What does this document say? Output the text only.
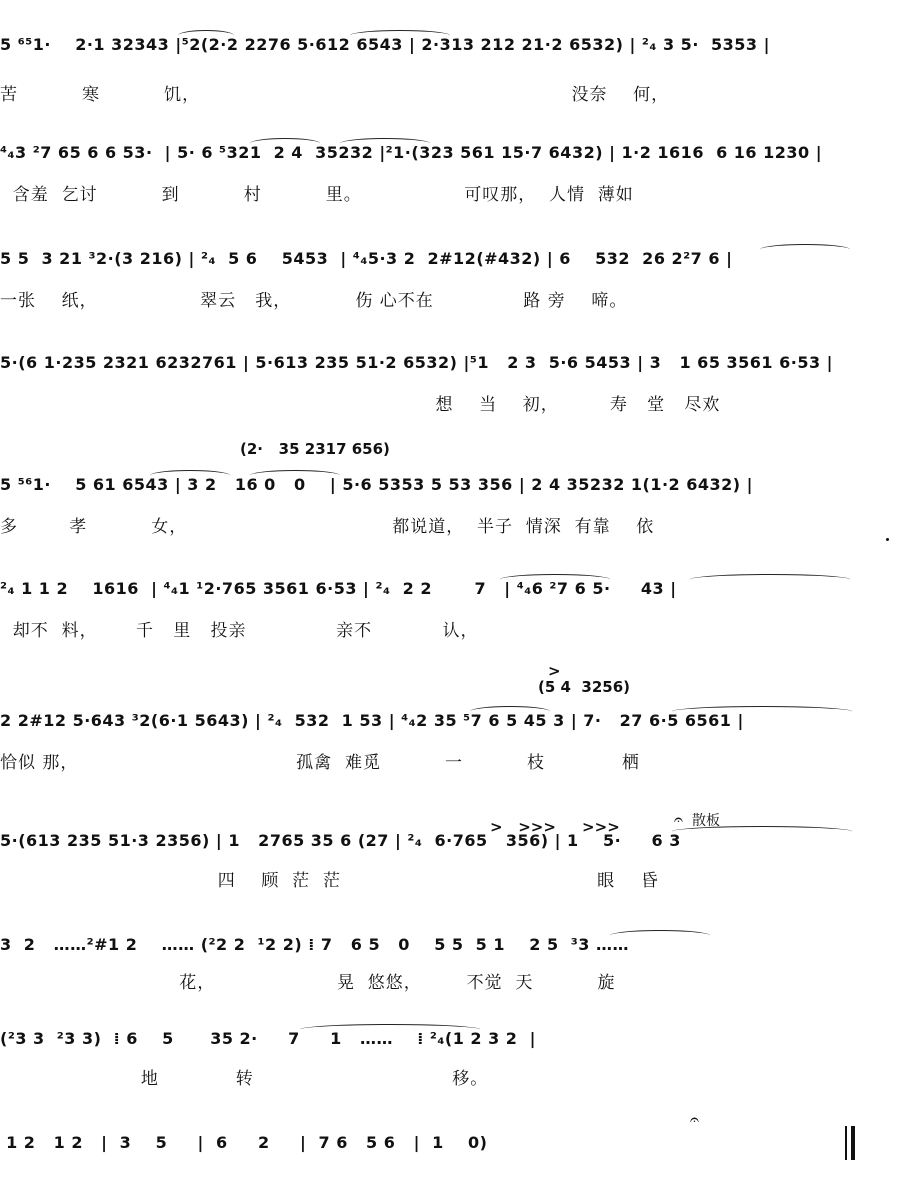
5 ⁶⁵1·    2·1 32343 |⁵2(2·2 2276 5·612 6543 | 2·313 212 21·2 6532) | ²₄ 3 5·  5353 |
苦          寒          饥，                                                          没奈    何，
⁴₄3 ²7 65 6 6 53·  | 5· 6 ⁵321  2 4  35232 |²1·(323 561 15·7 6432) | 1·2 1616  6 16 1230 |
含羞  乞讨          到          村          里。                可叹那，  人情  薄如
5 5  3 21 ³2·(3 216) | ²₄  5 6    5453  | ⁴₄5·3 2  2#12(#432) | 6    532  26 2²7 6 |
一张    纸，                翠云   我，          伤 心不在              路 旁    啼。
5·(6 1·235 2321 6232761 | 5·613 235 51·2 6532) |⁵1   2 3  5·6 5453 | 3   1 65 3561 6·53 |
想    当    初，        寿   堂   尽欢
(2·   35 2317 656)
5 ⁵⁶1·    5 61 6543 | 3 2   16 0   0    | 5·6 5353 5 53 356 | 2 4 35232 1(1·2 6432) |
多        孝          女，                                都说道，  半子  情深  有靠    依
²₄ 1 1 2    1616  | ⁴₄1 ¹2·765 3561 6·53 | ²₄  2 2       7   | ⁴₄6 ²7 6 5·     43 |
却不  料，      千   里   投亲              亲不           认，
(5 4  3256)
>
2 2#12 5·643 ³2(6·1 5643) | ²₄  532  1 53 | ⁴₄2 35 ⁵7 6 5 45 3 | 7·   27 6·5 6561 |
恰似 那，                                  孤禽  难觅          一          枝            栖
>   >>>     >>>	散板
𝄐
5·(613 235 51·3 2356) | 1   2765 35 6 (27 | ²₄  6·765   356) | 1    5·     6 3
四    顾  茫  茫                                        眼    昏
3  2   ……²#1 2    …… (²2 2  ¹2 2) ⁞ 7   6 5   0    5 5  5 1    2 5  ³3 ……
花，                   晃  悠悠，       不觉  天          旋
(²3 3  ²3 3)  ⁞ 6    5      35 2·     7     1   ……    ⁞ ²₄(1 2 3 2  |
地            转                               移。
𝄐
1 2   1 2   |  3    5     |  6     2     |  7 6   5 6   |  1    0)
